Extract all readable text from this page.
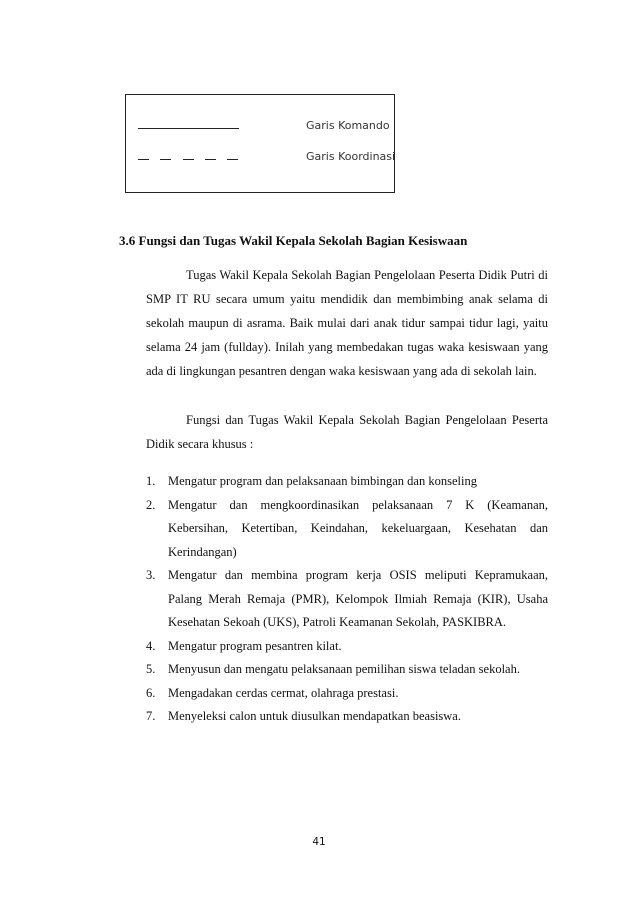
Garis Komando
Garis Koordinasi
3.6 Fungsi dan Tugas Wakil Kepala Sekolah Bagian Kesiswaan

Tugas Wakil Kepala Sekolah Bagian Pengelolaan Peserta Didik Putri di SMP IT RU secara umum yaitu mendidik dan membimbing anak selama di sekolah maupun di asrama. Baik mulai dari anak tidur sampai tidur lagi, yaitu selama 24 jam (fullday). Inilah yang membedakan tugas waka kesiswaan yang ada di lingkungan pesantren dengan waka kesiswaan yang ada di sekolah lain.

Fungsi dan Tugas Wakil Kepala Sekolah Bagian Pengelolaan Peserta Didik secara khusus :

1. Mengatur program dan pelaksanaan bimbingan dan konseling
2. Mengatur dan mengkoordinasikan pelaksanaan 7 K (Keamanan, Kebersihan, Ketertiban, Keindahan, kekeluargaan, Kesehatan dan Kerindangan)
3. Mengatur dan membina program kerja OSIS meliputi Kepramukaan, Palang Merah Remaja (PMR), Kelompok Ilmiah Remaja (KIR), Usaha Kesehatan Sekoah (UKS), Patroli Keamanan Sekolah, PASKIBRA.
4. Mengatur program pesantren kilat.
5. Menyusun dan mengatu pelaksanaan pemilihan siswa teladan sekolah.
6. Mengadakan cerdas cermat, olahraga prestasi.
7. Menyeleksi calon untuk diusulkan mendapatkan beasiswa.
41
